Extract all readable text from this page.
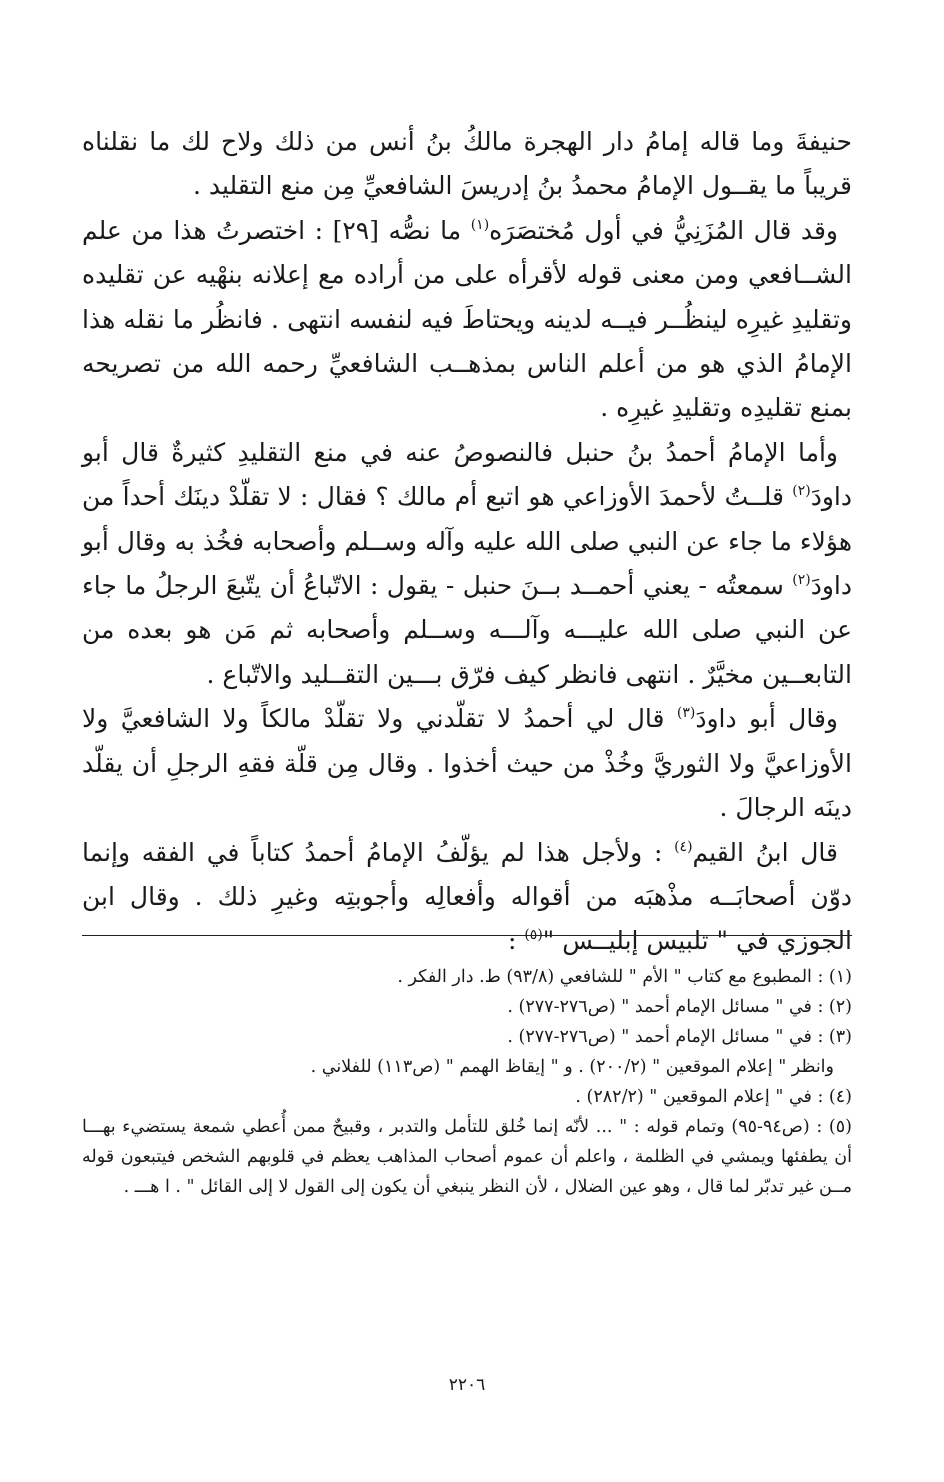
حنيفةَ وما قاله إمامُ دار الهجرة مالكُ بنُ أنس من ذلك ولاح لك ما نقلناه قريباً ما يقــول الإمامُ محمدُ بنُ إدريسَ الشافعيِّ مِن منع التقليد .

وقد قال المُزَنِيُّ في أول مُختصَرَه$^{(١)}$ ما نصُّه [٢٩] : اختصرتُ هذا من علم الشــافعي ومن معنى قوله لأقرأه على من أراده مع إعلانه بنهْيه عن تقليده وتقليدِ غيرِه لينظُــر فيــه لدينه ويحتاطَ فيه لنفسه انتهى . فانظُر ما نقله هذا الإمامُ الذي هو من أعلم الناس بمذهــب الشافعيِّ رحمه الله من تصريحه بمنع تقليدِه وتقليدِ غيرِه .

وأما الإمامُ أحمدُ بنُ حنبل فالنصوصُ عنه في منع التقليدِ كثيرةٌ قال أبو داودَ$^{(٢)}$ قلــتُ لأحمدَ الأوزاعي هو اتبع أم مالك ؟ فقال : لا تقلّدْ دينَك أحداً من هؤلاء ما جاء عن النبي صلى الله عليه وآله وســلم وأصحابه فخُذ به وقال أبو داودَ$^{(٢)}$ سمعتُه - يعني أحمــد بــنَ حنبل - يقول : الاتّباعُ أن يتّبعَ الرجلُ ما جاء عن النبي صلى الله عليـــه وآلـــه وســلم وأصحابه ثم مَن هو بعده من التابعــين مخيَّرٌ . انتهى فانظر كيف فرّق بـــين التقــليد والاتّباع .

وقال أبو داودَ$^{(٣)}$ قال لي أحمدُ لا تقلّدني ولا تقلّدْ مالكاً ولا الشافعيَّ ولا الأوزاعيَّ ولا الثوريَّ وخُذْ من حيث أخذوا . وقال مِن قلّة فقهِ الرجلِ أن يقلّد دينَه الرجالَ .

قال ابنُ القيم$^{(٤)}$ : ولأجل هذا لم يؤلّفُ الإمامُ أحمدُ كتاباً في الفقه وإنما دوّن أصحابَــه مذْهبَه من أقواله وأفعالِه وأجوبتِه وغيرِ ذلك . وقال ابن الجوزي في " تلبيس إبليــس "$^{(٥)}$ :

(١) : المطبوع مع كتاب " الأم " للشافعي (٩٣/٨) ط. دار الفكر .

(٢) : في " مسائل الإمام أحمد " (ص٢٧٦-٢٧٧) .

(٣) : في " مسائل الإمام أحمد " (ص٢٧٦-٢٧٧) .

وانظر " إعلام الموقعين " (٢٠٠/٢) . و " إيقاظ الهمم " (ص١١٣) للفلاني .

(٤) : في " إعلام الموقعين " (٢٨٢/٢) .

(٥) : (ص٩٤-٩٥) وتمام قوله : " ... لأنّه إنما خُلق للتأمل والتدبر ، وقبيحٌ ممن أُعطي شمعة يستضيء بهـــا أن يطفئها ويمشي في الظلمة ، واعلم أن عموم أصحاب المذاهب يعظم في قلوبهم الشخص فيتبعون قوله مــن غير تدبّر لما قال ، وهو عين الضلال ، لأن النظر ينبغي أن يكون إلى القول لا إلى القائل " . ا هـــ .

٢٢٠٦
